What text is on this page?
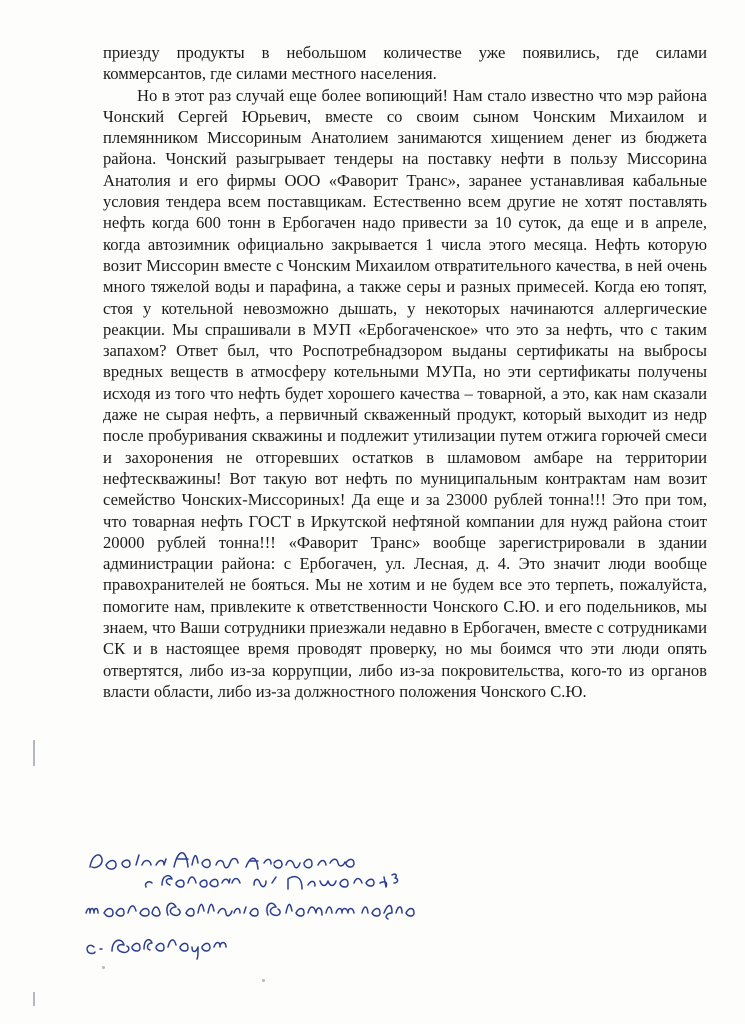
приезду продукты в небольшом количестве уже появились, где силами коммерсантов, где силами местного населения.

Но в этот раз случай еще более вопиющий! Нам стало известно что мэр района Чонский Сергей Юрьевич, вместе со своим сыном Чонским Михаилом и племянником Миссориным Анатолием занимаются хищением денег из бюджета района. Чонский разыгрывает тендеры на поставку нефти в пользу Миссорина Анатолия и его фирмы ООО «Фаворит Транс», заранее устанавливая кабальные условия тендера всем поставщикам. Естественно всем другие не хотят поставлять нефть когда 600 тонн в Ербогачен надо привести за 10 суток, да еще и в апреле, когда автозимник официально закрывается 1 числа этого месяца. Нефть которую возит Миссорин вместе с Чонским Михаилом отвратительного качества, в ней очень много тяжелой воды и парафина, а также серы и разных примесей. Когда ею топят, стоя у котельной невозможно дышать, у некоторых начинаются аллергические реакции. Мы спрашивали в МУП «Ербогаченское» что это за нефть, что с таким запахом? Ответ был, что Роспотребнадзором выданы сертификаты на выбросы вредных веществ в атмосферу котельными МУПа, но эти сертификаты получены исходя из того что нефть будет хорошего качества – товарной, а это, как нам сказали даже не сырая нефть, а первичный скваженный продукт, который выходит из недр после пробуривания скважины и подлежит утилизации путем отжига горючей смеси и захоронения не отгоревших остатков в шламовом амбаре на территории нефтескважины! Вот такую вот нефть по муниципальным контрактам нам возит семейство Чонских-Миссориных! Да еще и за 23000 рублей тонна!!! Это при том, что товарная нефть ГОСТ в Иркутской нефтяной компании для нужд района стоит 20000 рублей тонна!!! «Фаворит Транс» вообще зарегистрировали в здании администрации района: с Ербогачен, ул. Лесная, д. 4. Это значит люди вообще правохранителей не бояться. Мы не хотим и не будем все это терпеть, пожалуйста, помогите нам, привлеките к ответственности Чонского С.Ю. и его подельников, мы знаем, что Ваши сотрудники приезжали недавно в Ербогачен, вместе с сотрудниками СК и в настоящее время проводят проверку, но мы боимся что эти люди опять отвертятся, либо из-за коррупции, либо из-за покровительства, кого-то из органов власти области, либо из-за должностного положения Чонского С.Ю.
